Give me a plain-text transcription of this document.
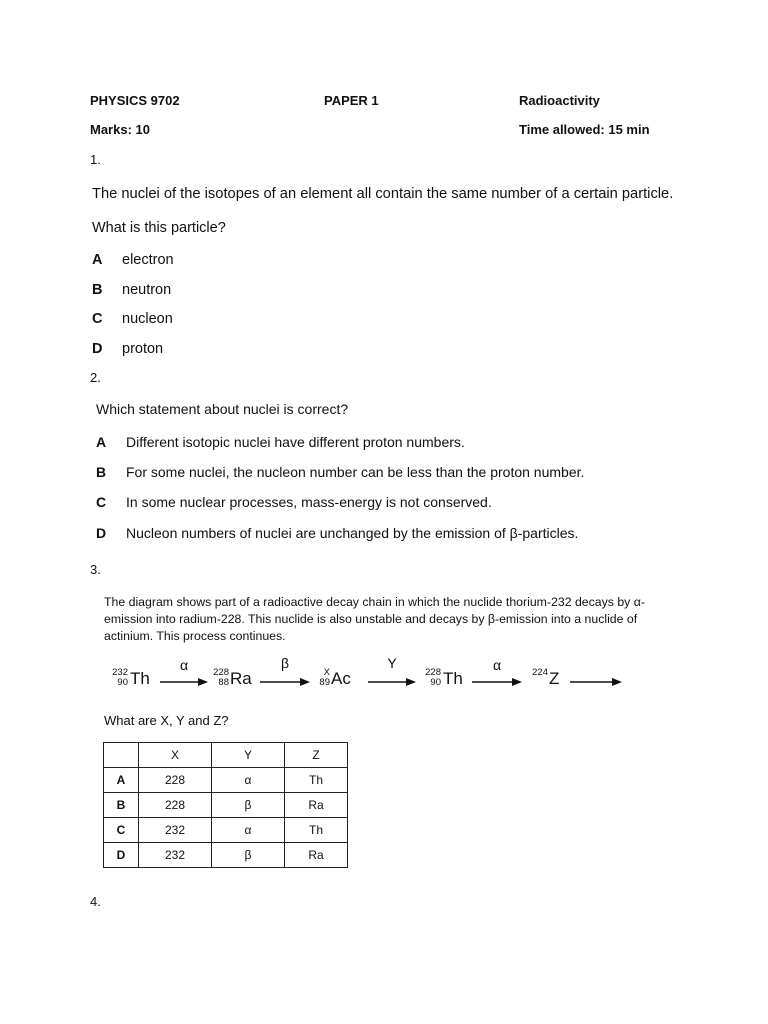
PHYSICS 9702	PAPER 1	Radioactivity
Marks: 10	Time allowed: 15 min
1.
The nuclei of the isotopes of an element all contain the same number of a certain particle.
What is this particle?
A electron
B neutron
C nucleon
D proton
2.
Which statement about nuclei is correct?
A Different isotopic nuclei have different proton numbers.
B For some nuclei, the nucleon number can be less than the proton number.
C In some nuclear processes, mass-energy is not conserved.
D Nucleon numbers of nuclei are unchanged by the emission of β-particles.
3.
The diagram shows part of a radioactive decay chain in which the nuclide thorium-232 decays by α-emission into radium-228. This nuclide is also unstable and decays by β-emission into a nuclide of actinium. This process continues.
232
90 Th
α	228
88 Ra
β
X
89 Ac
Y
228
90 Th
α	224 Z
What are X, Y and Z?
	X	Y	Z
A	228	α	Th
B	228	β	Ra
C	232	α	Th
D	232	β	Ra
4.
